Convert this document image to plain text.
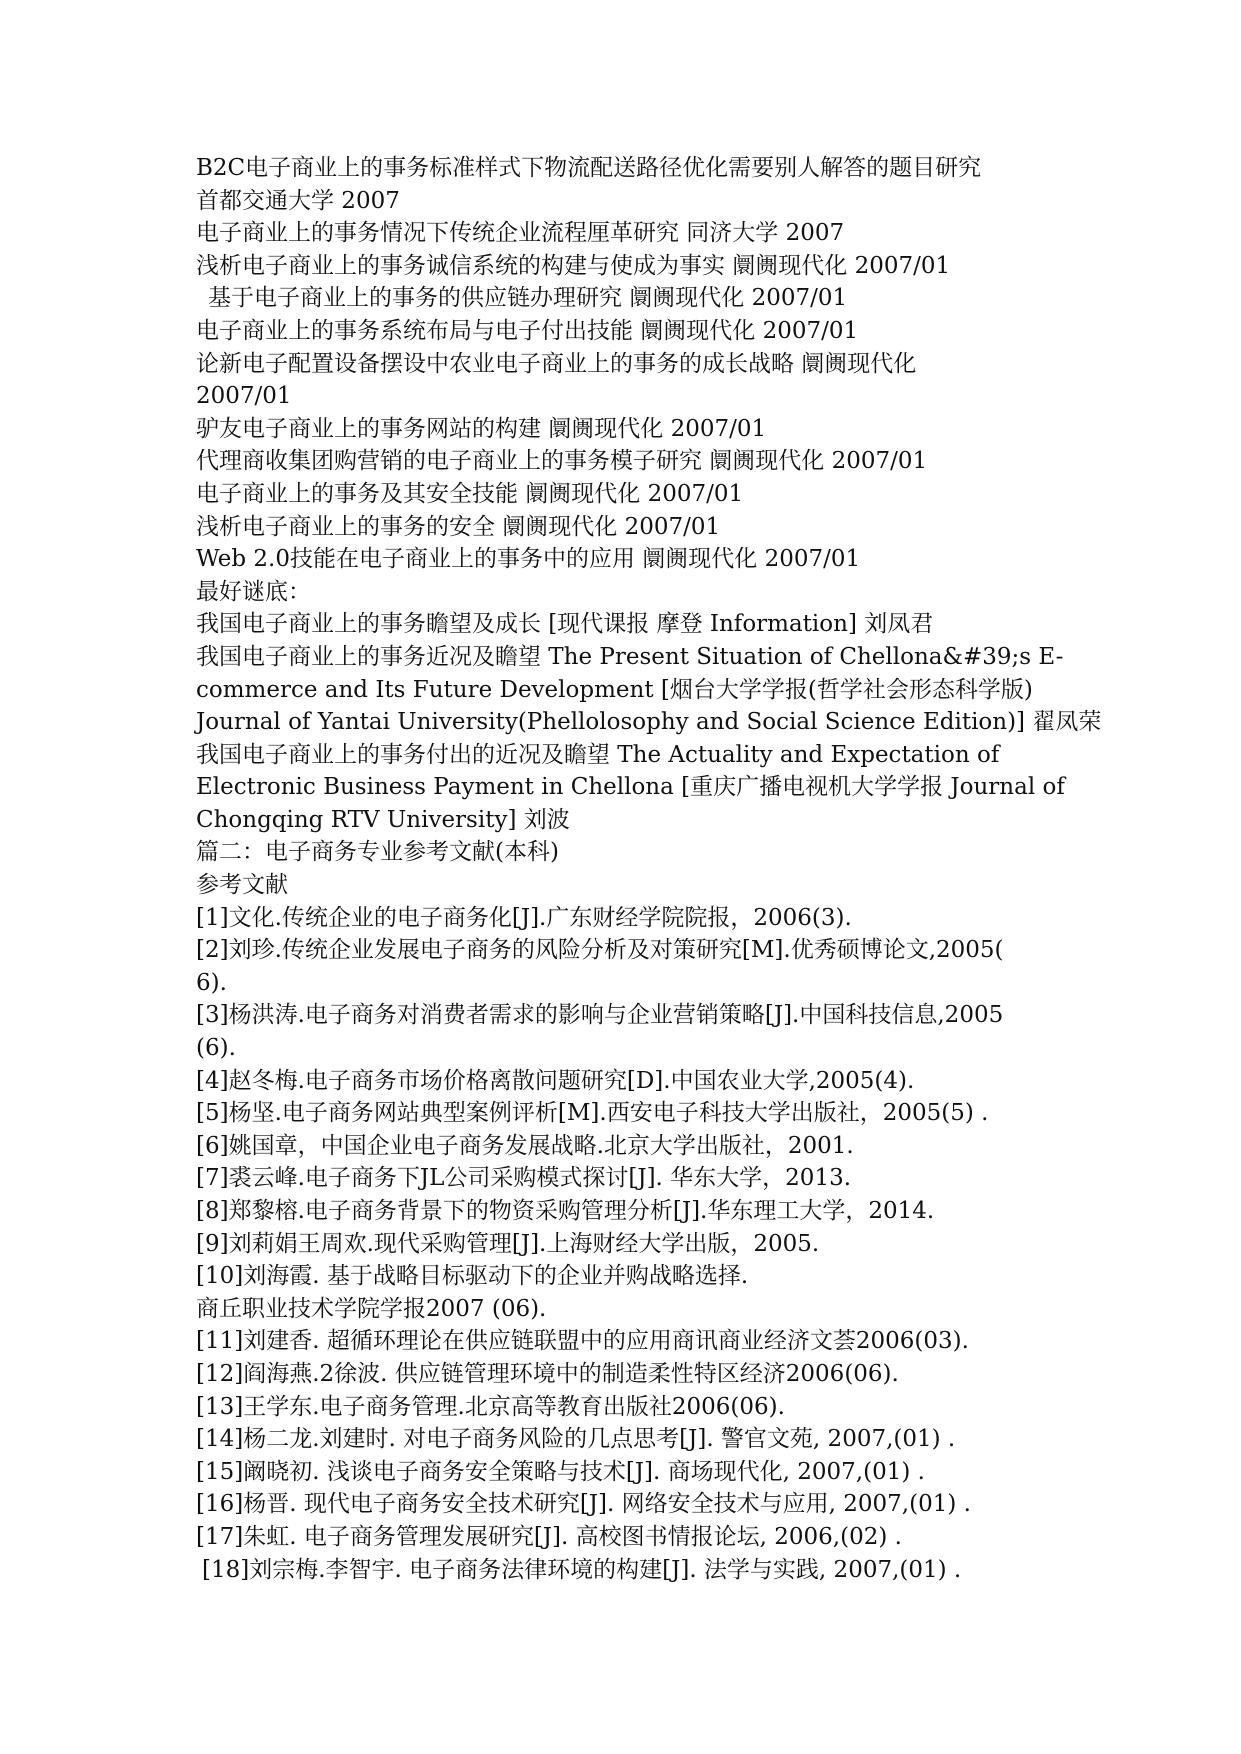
B2C电子商业上的事务标准样式下物流配送路径优化需要别人解答的题目研究
首都交通大学 2007
电子商业上的事务情况下传统企业流程厘革研究 同济大学 2007
浅析电子商业上的事务诚信系统的构建与使成为事实 阛阓现代化 2007/01
基于电子商业上的事务的供应链办理研究 阛阓现代化 2007/01
电子商业上的事务系统布局与电子付出技能 阛阓现代化 2007/01
论新电子配置设备摆设中农业电子商业上的事务的成长战略 阛阓现代化
2007/01
驴友电子商业上的事务网站的构建 阛阓现代化 2007/01
代理商收集团购营销的电子商业上的事务模子研究 阛阓现代化 2007/01
电子商业上的事务及其安全技能 阛阓现代化 2007/01
浅析电子商业上的事务的安全 阛阓现代化 2007/01
Web 2.0技能在电子商业上的事务中的应用 阛阓现代化 2007/01
最好谜底：
我国电子商业上的事务瞻望及成长 [现代课报 摩登 Information] 刘凤君
我国电子商业上的事务近况及瞻望 The Present Situation of Chellona&#39;s E-
commerce and Its Future Development [烟台大学学报(哲学社会形态科学版)
Journal of Yantai University(Phellolosophy and Social Science Edition)] 翟凤荣
我国电子商业上的事务付出的近况及瞻望 The Actuality and Expectation of
Electronic Business Payment in Chellona [重庆广播电视机大学学报 Journal of
Chongqing RTV University] 刘波
篇二：电子商务专业参考文献(本科)
参考文献
[1]文化.传统企业的电子商务化[J].广东财经学院院报，2006(3).
[2]刘珍.传统企业发展电子商务的风险分析及对策研究[M].优秀硕博论文,2005(
6).
[3]杨洪涛.电子商务对消费者需求的影响与企业营销策略[J].中国科技信息,2005
(6).
[4]赵冬梅.电子商务市场价格离散问题研究[D].中国农业大学,2005(4).
[5]杨坚.电子商务网站典型案例评析[M].西安电子科技大学出版社，2005(5) .
[6]姚国章，中国企业电子商务发展战略.北京大学出版社，2001.
[7]裘云峰.电子商务下JL公司采购模式探讨[J]. 华东大学，2013.
[8]郑黎榕.电子商务背景下的物资采购管理分析[J].华东理工大学，2014.
[9]刘莉娟王周欢.现代采购管理[J].上海财经大学出版，2005.
[10]刘海霞. 基于战略目标驱动下的企业并购战略选择.
商丘职业技术学院学报2007 (06).
[11]刘建香. 超循环理论在供应链联盟中的应用商讯商业经济文荟2006(03).
[12]阎海燕.2徐波. 供应链管理环境中的制造柔性特区经济2006(06).
[13]王学东.电子商务管理.北京高等教育出版社2006(06).
[14]杨二龙.刘建时. 对电子商务风险的几点思考[J]. 警官文苑, 2007,(01) .
[15]阚晓初. 浅谈电子商务安全策略与技术[J]. 商场现代化, 2007,(01) .
[16]杨晋. 现代电子商务安全技术研究[J]. 网络安全技术与应用, 2007,(01) .
[17]朱虹. 电子商务管理发展研究[J]. 高校图书情报论坛, 2006,(02) .
[18]刘宗梅.李智宇. 电子商务法律环境的构建[J]. 法学与实践, 2007,(01) .
